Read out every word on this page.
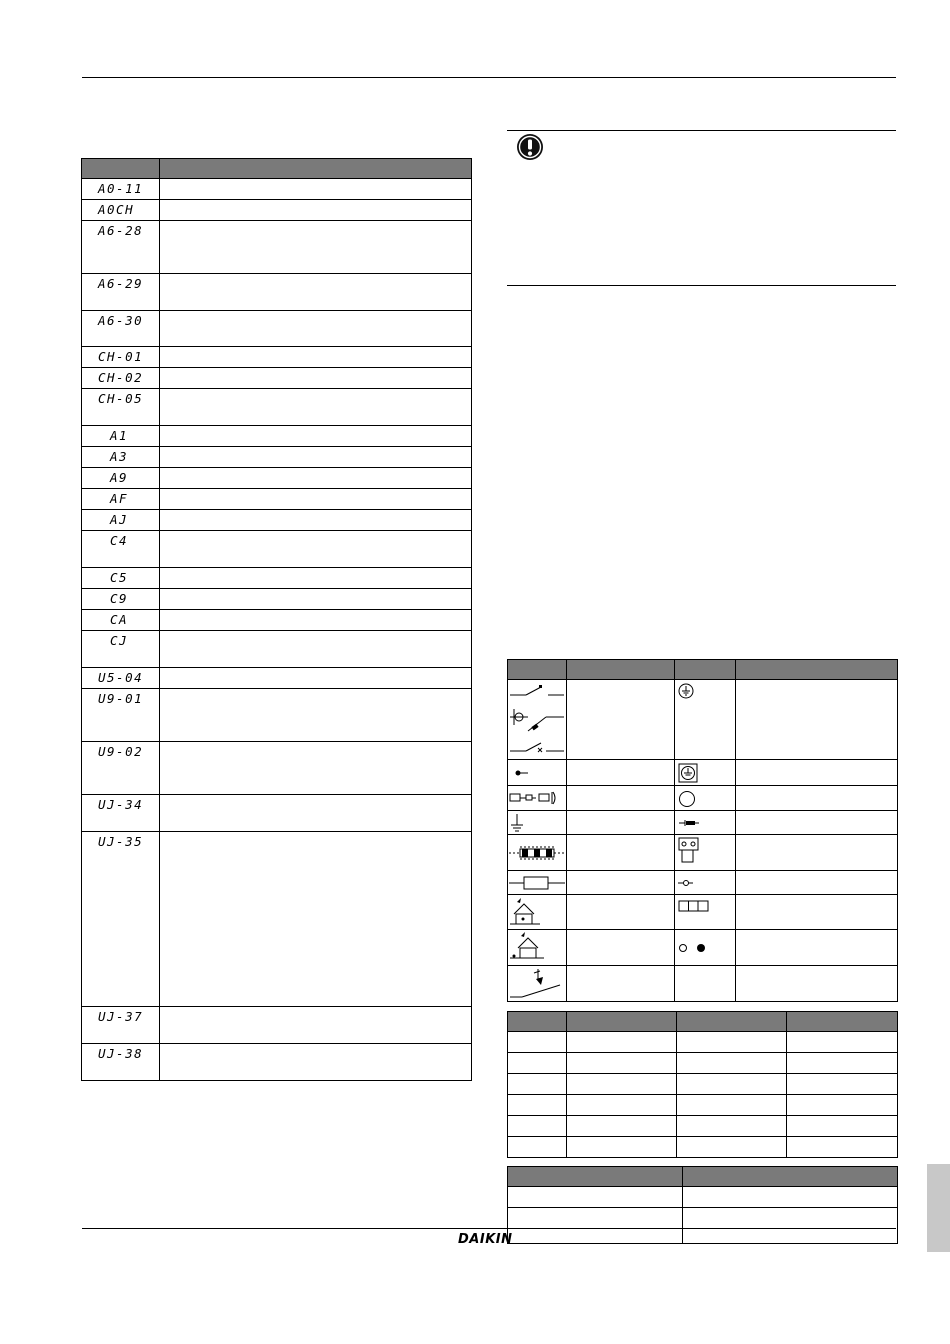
A0-11	
A0CH	
A6-28	
A6-29	
A6-30	
CH-01	
CH-02	
CH-05	
A1	
A3	
A9	
AF	
AJ	
C4	
C5	
C9	
CA	
CJ	
U5-04	
U9-01	
U9-02	
UJ-34	
UJ-35	
UJ-37	
UJ-38	

DAIKIN
